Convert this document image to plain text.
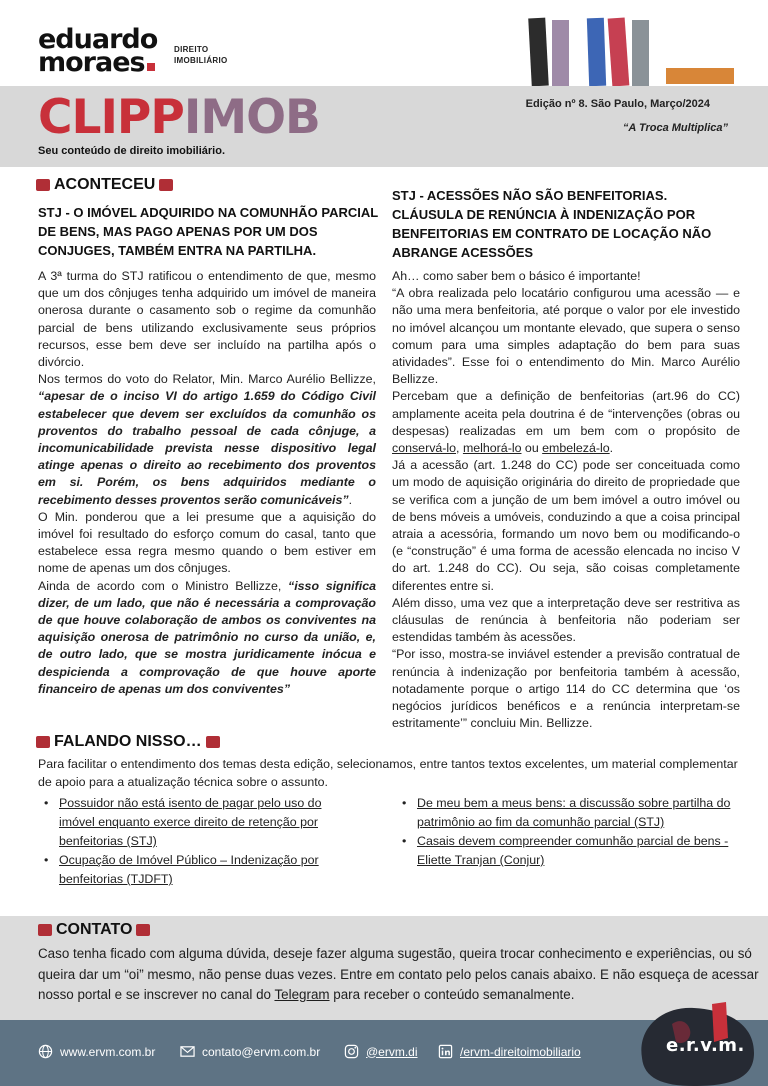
eduardo
moraes	DIREITO
IMOBILIÁRIO
CLIPPIMOB
Seu conteúdo de direito imobiliário.
Edição nº 8. São Paulo, Março/2024
“A Troca Multiplica”
ACONTECEU
STJ - O IMÓVEL ADQUIRIDO NA COMUNHÃO PARCIAL DE BENS, MAS PAGO APENAS POR UM DOS CONJUGES, TAMBÉM ENTRA NA PARTILHA.

A 3ª turma do STJ ratificou o entendimento de que, mesmo que um dos cônjuges tenha adquirido um imóvel de maneira onerosa durante o casamento sob o regime da comunhão parcial de bens utilizando exclusivamente seus próprios recursos, esse bem deve ser incluído na partilha após o divórcio.

Nos termos do voto do Relator, Min. Marco Aurélio Bellizze, “apesar de o inciso VI do artigo 1.659 do Código Civil estabelecer que devem ser excluídos da comunhão os proventos do trabalho pessoal de cada cônjuge, a incomunicabilidade prevista nesse dispositivo legal atinge apenas o direito ao recebimento dos proventos em si. Porém, os bens adquiridos mediante o recebimento desses proventos serão comunicáveis”.

O Min. ponderou que a lei presume que a aquisição do imóvel foi resultado do esforço comum do casal, tanto que estabelece essa regra mesmo quando o bem estiver em nome de apenas um dos cônjuges.

Ainda de acordo com o Ministro Bellizze, “isso significa dizer, de um lado, que não é necessária a comprovação de que houve colaboração de ambos os conviventes na aquisição onerosa de patrimônio no curso da união, e, de outro lado, que se mostra juridicamente inócua e despicienda a comprovação de que houve aporte financeiro de apenas um dos conviventes”

STJ - ACESSÕES NÃO SÃO BENFEITORIAS. CLÁUSULA DE RENÚNCIA À INDENIZAÇÃO POR BENFEITORIAS EM CONTRATO DE LOCAÇÃO NÃO ABRANGE ACESSÕES

Ah… como saber bem o básico é importante!

“A obra realizada pelo locatário configurou uma acessão — e não uma mera benfeitoria, até porque o valor por ele investido no imóvel alcançou um montante elevado, que supera o senso comum para uma simples adaptação do bem para suas atividades”. Esse foi o entendimento do Min. Marco Aurélio Bellizze.

Percebam que a definição de benfeitorias (art.96 do CC) amplamente aceita pela doutrina é de “intervenções (obras ou despesas) realizadas em um bem com o propósito de conservá-lo, melhorá-lo ou embelezá-lo.

Já a acessão (art. 1.248 do CC) pode ser conceituada como um modo de aquisição originária do direito de propriedade que se verifica com a junção de um bem imóvel a outro imóvel ou de bens móveis a umóveis, conduzindo a que a coisa principal atraia a acessória, formando um novo bem ou modificando-o (e “construção” é uma forma de acessão elencada no inciso V do art. 1.248 do CC). Ou seja, são coisas completamente diferentes entre si.

Além disso, uma vez que a interpretação deve ser restritiva as cláusulas de renúncia à benfeitoria não poderiam ser estendidas também às acessões.

“Por isso, mostra-se inviável estender a previsão contratual de renúncia à indenização por benfeitoria também à acessão, notadamente porque o artigo 114 do CC determina que ‘os negócios jurídicos benéficos e a renúncia interpretam-se estritamente’” concluiu Min. Bellizze.

FALANDO NISSO…
Para facilitar o entendimento dos temas desta edição, selecionamos, entre tantos textos excelentes, um material complementar de apoio para a atualização técnica sobre o assunto.
• Possuidor não está isento de pagar pelo uso do imóvel enquanto exerce direito de retenção por benfeitorias (STJ)
• Ocupação de Imóvel Público – Indenização por benfeitorias (TJDFT)
• De meu bem a meus bens: a discussão sobre partilha do patrimônio ao fim da comunhão parcial (STJ)
• Casais devem compreender comunhão parcial de bens - Eliette Tranjan (Conjur)
CONTATO
Caso tenha ficado com alguma dúvida, deseje fazer alguma sugestão, queira trocar conhecimento e experiências, ou só queira dar um “oi” mesmo, não pense duas vezes. Entre em contato pelo pelos canais abaixo. E não esqueça de acessar nosso portal e se inscrever no canal do Telegram para receber o conteúdo semanalmente.
www.ervm.com.br	contato@ervm.com.br	@ervm.di	/ervm-direitoimobiliario	e.r.v.m.
